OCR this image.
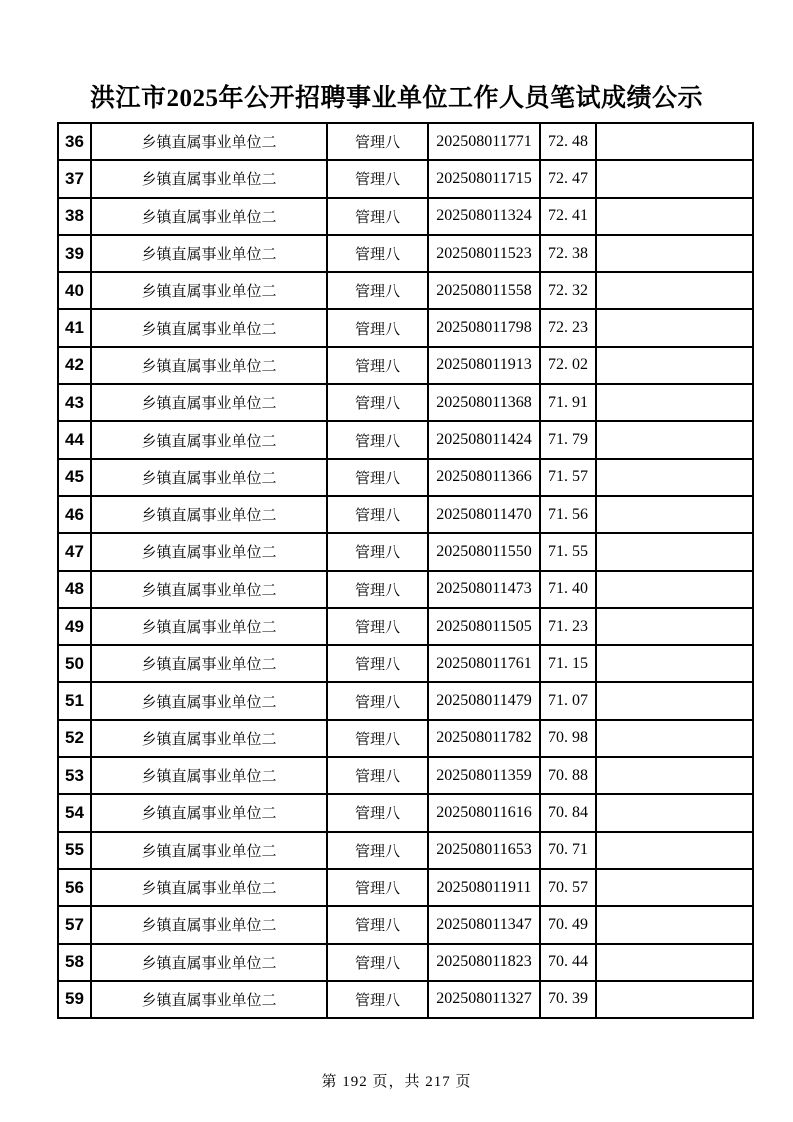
洪江市2025年公开招聘事业单位工作人员笔试成绩公示
36	乡镇直属事业单位二	管理八	202508011771	72. 48	
37	乡镇直属事业单位二	管理八	202508011715	72. 47	
38	乡镇直属事业单位二	管理八	202508011324	72. 41	
39	乡镇直属事业单位二	管理八	202508011523	72. 38	
40	乡镇直属事业单位二	管理八	202508011558	72. 32	
41	乡镇直属事业单位二	管理八	202508011798	72. 23	
42	乡镇直属事业单位二	管理八	202508011913	72. 02	
43	乡镇直属事业单位二	管理八	202508011368	71. 91	
44	乡镇直属事业单位二	管理八	202508011424	71. 79	
45	乡镇直属事业单位二	管理八	202508011366	71. 57	
46	乡镇直属事业单位二	管理八	202508011470	71. 56	
47	乡镇直属事业单位二	管理八	202508011550	71. 55	
48	乡镇直属事业单位二	管理八	202508011473	71. 40	
49	乡镇直属事业单位二	管理八	202508011505	71. 23	
50	乡镇直属事业单位二	管理八	202508011761	71. 15	
51	乡镇直属事业单位二	管理八	202508011479	71. 07	
52	乡镇直属事业单位二	管理八	202508011782	70. 98	
53	乡镇直属事业单位二	管理八	202508011359	70. 88	
54	乡镇直属事业单位二	管理八	202508011616	70. 84	
55	乡镇直属事业单位二	管理八	202508011653	70. 71	
56	乡镇直属事业单位二	管理八	202508011911	70. 57	
57	乡镇直属事业单位二	管理八	202508011347	70. 49	
58	乡镇直属事业单位二	管理八	202508011823	70. 44	
59	乡镇直属事业单位二	管理八	202508011327	70. 39	
第 192 页，共 217 页
